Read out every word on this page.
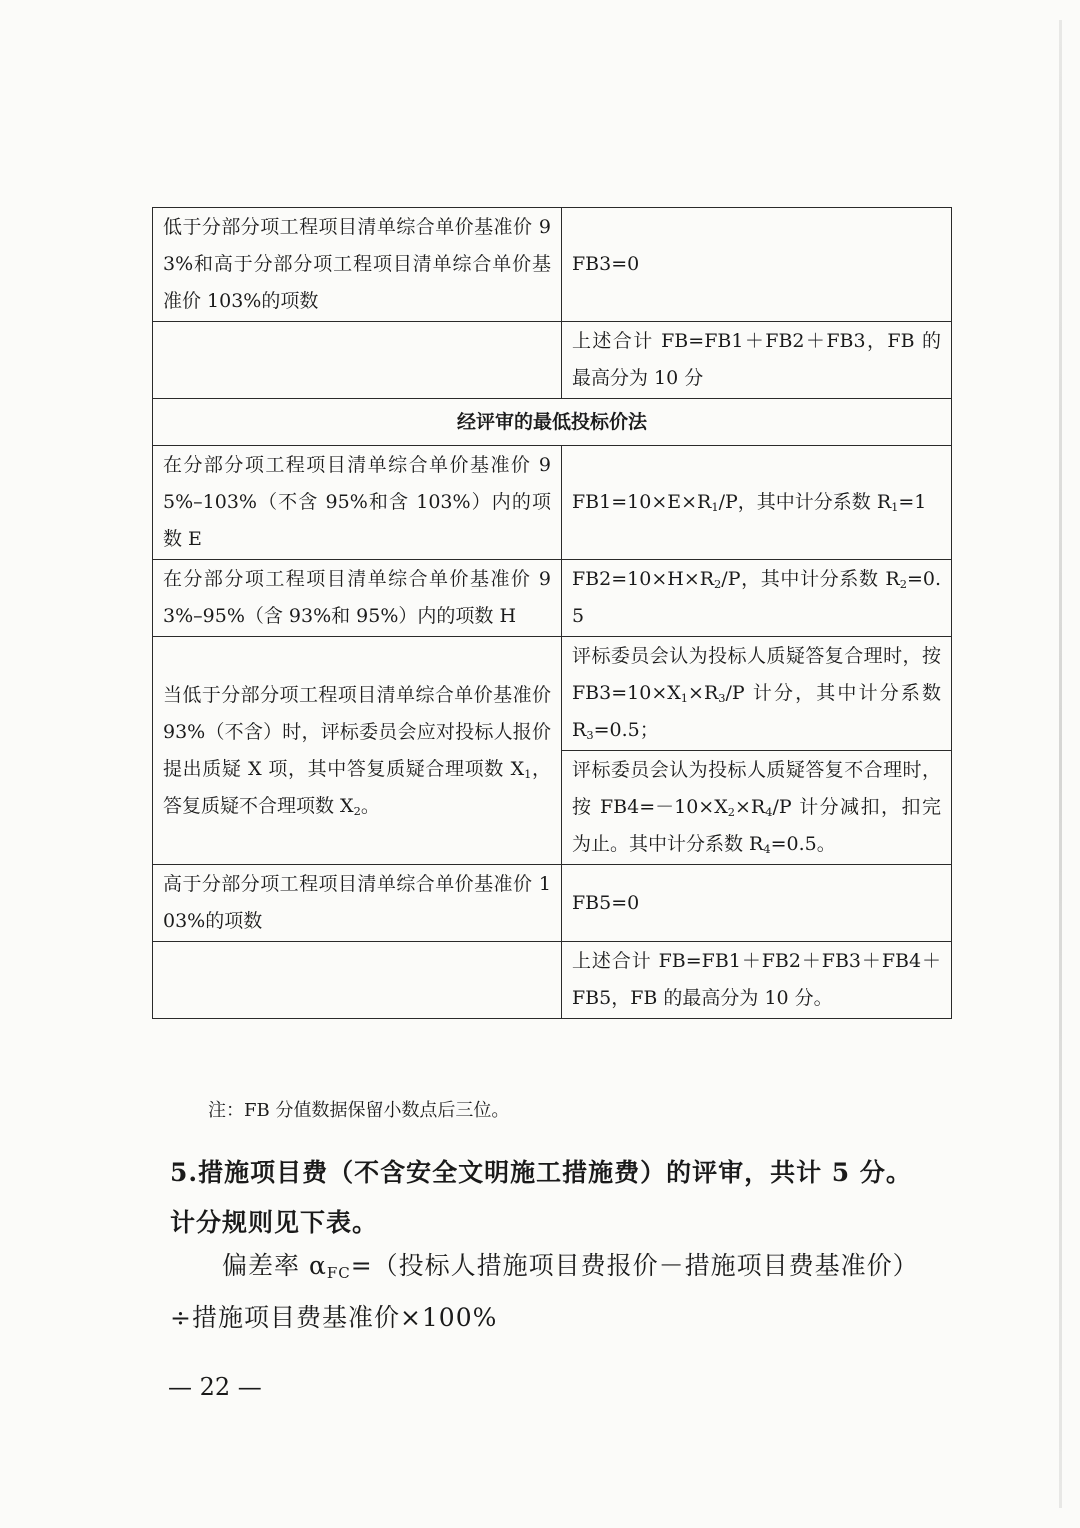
低于分部分项工程项目清单综合单价基准价 93%和高于分部分项工程项目清单综合单价基准价 103%的项数	FB3=0
	上述合计 FB=FB1＋FB2＋FB3，FB 的最高分为 10 分
经评审的最低投标价法	
在分部分项工程项目清单综合单价基准价 95%–103%（不含 95%和含 103%）内的项数 E	$FB1=10\times E\times R_1/P$，其中计分系数 $R_1=1$
在分部分项工程项目清单综合单价基准价 93%–95%（含 93%和 95%）内的项数 H	$FB2=10\times H\times R_2/P$，其中计分系数 $R_2=0.5$
当低于分部分项工程项目清单综合单价基准价 93%（不含）时，评标委员会应对投标人报价提出质疑 X 项，其中答复质疑合理项数 $X_1$，答复质疑不合理项数 $X_2$。	评标委员会认为投标人质疑答复合理时，按 $FB3=10\times X_1\times R_3/P$ 计分，其中计分系数 $R_3=0.5$；
	评标委员会认为投标人质疑答复不合理时，按 $FB4=-10\times X_2\times R_4/P$ 计分减扣，扣完为止。其中计分系数 $R_4=0.5$。
高于分部分项工程项目清单综合单价基准价 103%的项数	FB5=0
	上述合计 FB=FB1＋FB2＋FB3＋FB4＋FB5，FB 的最高分为 10 分。
注：FB 分值数据保留小数点后三位。
5.措施项目费（不含安全文明施工措施费）的评审，共计 5 分。
计分规则见下表。
偏差率 $\alpha_{FC}=$（投标人措施项目费报价－措施项目费基准价）
÷措施项目费基准价×100%
— 22 —
